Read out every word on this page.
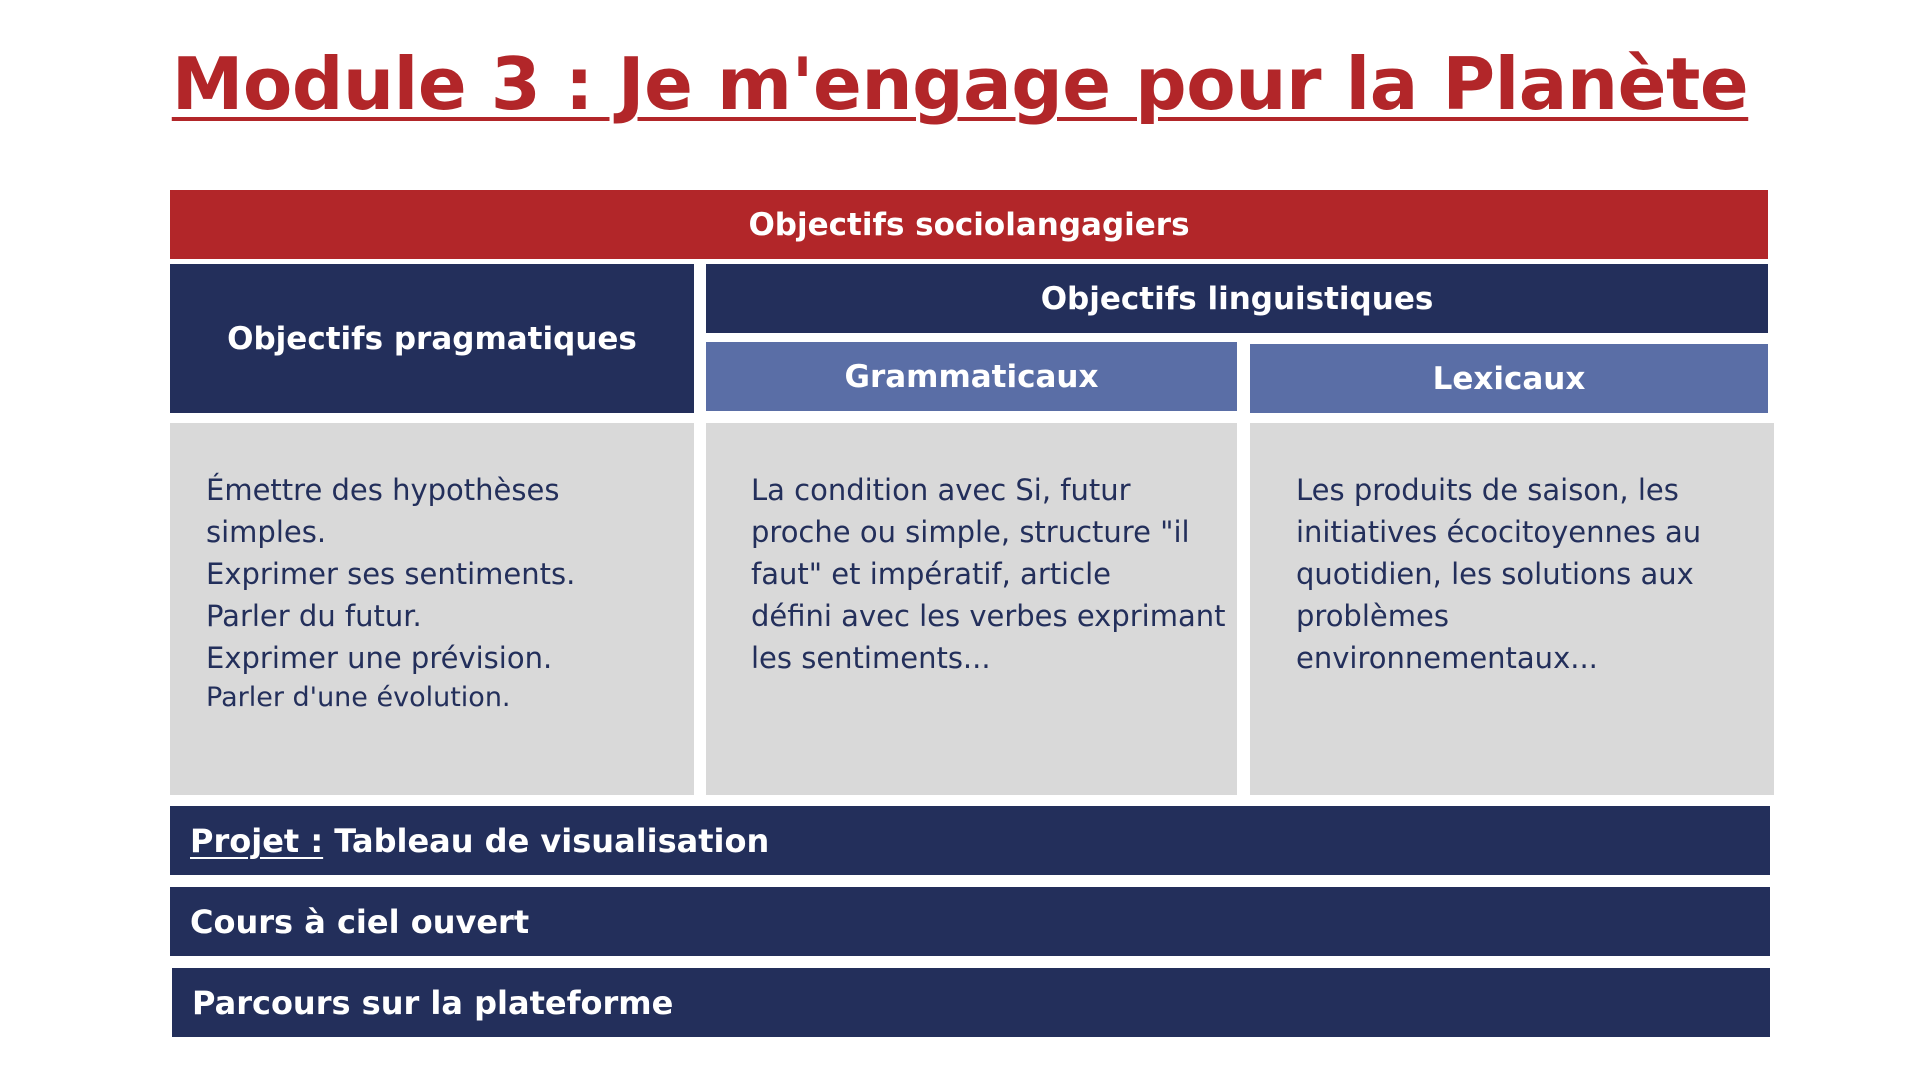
Module 3 : Je m'engage pour la Planète
Objectifs sociolangagiers
Objectifs pragmatiques
Objectifs linguistiques
Grammaticaux	Lexicaux
Émettre des hypothèses
simples.
Exprimer ses sentiments.
Parler du futur.
Exprimer une prévision.
Parler d'une évolution.
La condition avec Si, futur
proche ou simple, structure "il
faut" et impératif, article
défini avec les verbes exprimant
les sentiments...
Les produits de saison, les
initiatives écocitoyennes au
quotidien, les solutions aux
problèmes
environnementaux...
Projet : Tableau de visualisation
Cours à ciel ouvert
Parcours sur la plateforme
